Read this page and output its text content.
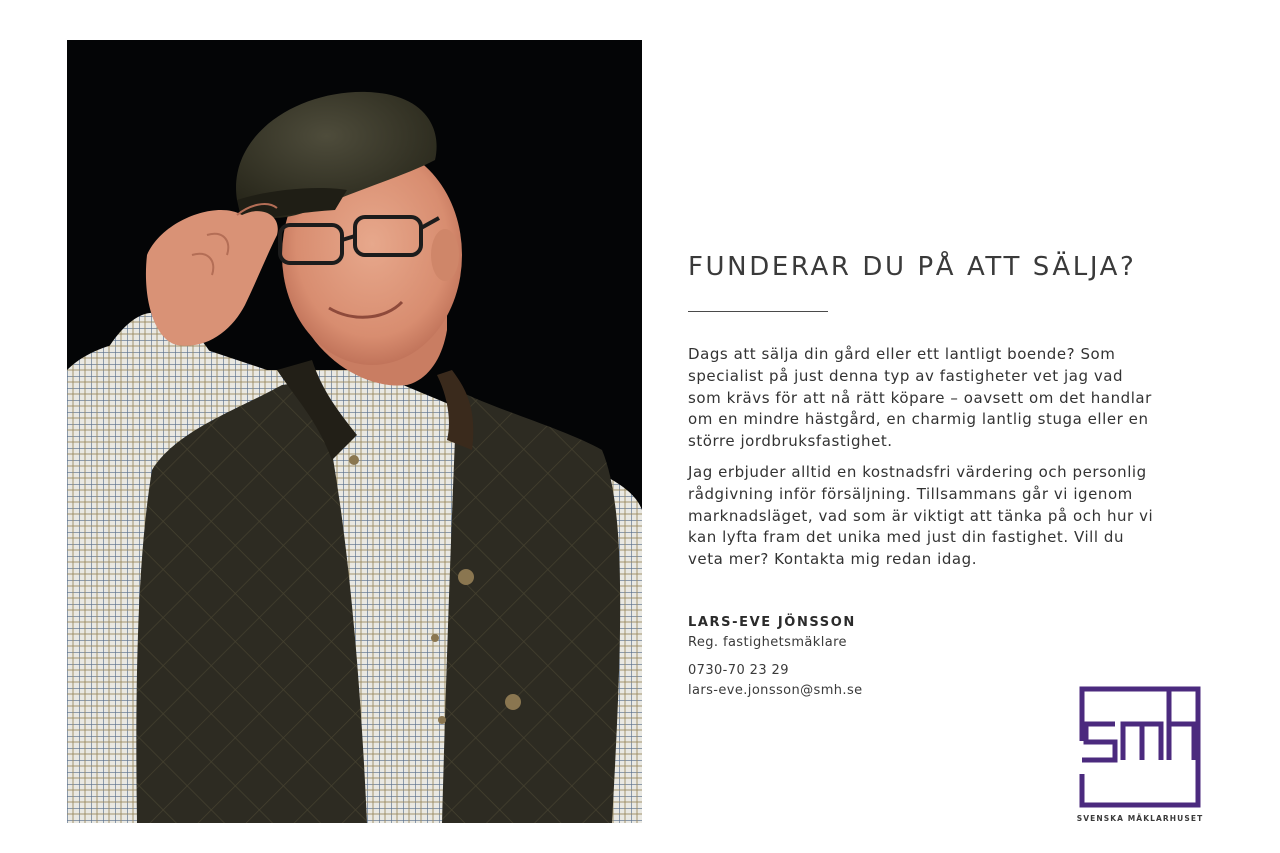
FUNDERAR DU PÅ ATT SÄLJA?

Dags att sälja din gård eller ett lantligt boende? Som specialist på just denna typ av fastigheter vet jag vad som krävs för att nå rätt köpare – oavsett om det handlar om en mindre hästgård, en charmig lantlig stuga eller en större jordbruksfastighet.

Jag erbjuder alltid en kostnadsfri värdering och personlig rådgivning inför försäljning. Tillsammans går vi igenom marknadsläget, vad som är viktigt att tänka på och hur vi kan lyfta fram det unika med just din fastighet. Vill du veta mer? Kontakta mig redan idag.

LARS-EVE JÖNSSON

Reg. fastighetsmäklare

0730-70 23 29

lars-eve.jonsson@smh.se

SVENSKA MÄKLARHUSET
